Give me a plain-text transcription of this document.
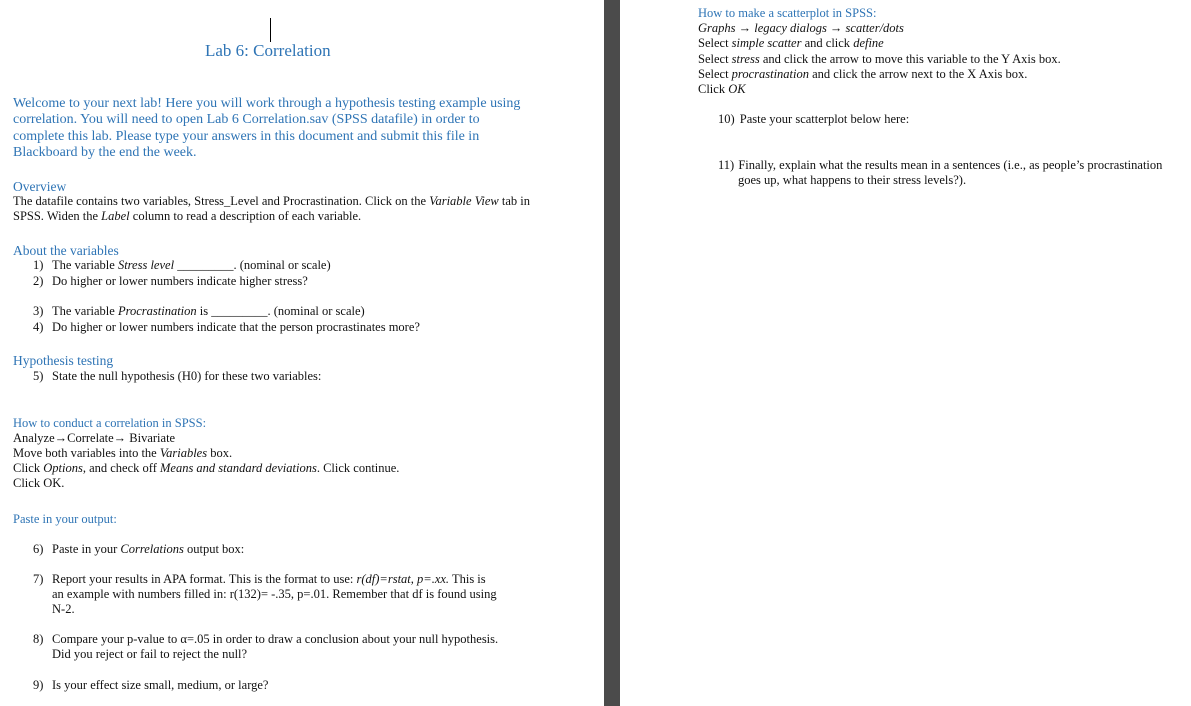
Lab 6: Correlation
Welcome to your next lab! Here you will work through a hypothesis testing example using correlation. You will need to open Lab 6 Correlation.sav (SPSS datafile) in order to complete this lab. Please type your answers in this document and submit this file in Blackboard by the end the week.
Overview
The datafile contains two variables, Stress_Level and Procrastination. Click on the Variable View tab in SPSS. Widen the Label column to read a description of each variable.
About the variables
1) The variable Stress level _________. (nominal or scale)
2) Do higher or lower numbers indicate higher stress?
3) The variable Procrastination is _________. (nominal or scale)
4) Do higher or lower numbers indicate that the person procrastinates more?
Hypothesis testing
5) State the null hypothesis (H0) for these two variables:
How to conduct a correlation in SPSS:
Analyze→Correlate→ Bivariate
Move both variables into the Variables box.
Click Options, and check off Means and standard deviations. Click continue.
Click OK.
Paste in your output:
6) Paste in your Correlations output box:
7) Report your results in APA format. This is the format to use: r(df)=rstat, p=.xx. This is
an example with numbers filled in: r(132)= -.35, p=.01. Remember that df is found using
N-2.
8) Compare your p-value to α=.05 in order to draw a conclusion about your null hypothesis.
Did you reject or fail to reject the null?
9) Is your effect size small, medium, or large?
How to make a scatterplot in SPSS:
Graphs → legacy dialogs → scatter/dots
Select simple scatter and click define
Select stress and click the arrow to move this variable to the Y Axis box.
Select procrastination and click the arrow next to the X Axis box.
Click OK
10) Paste your scatterplot below here:
11) Finally, explain what the results mean in a sentences (i.e., as people’s procrastination
goes up, what happens to their stress levels?).
